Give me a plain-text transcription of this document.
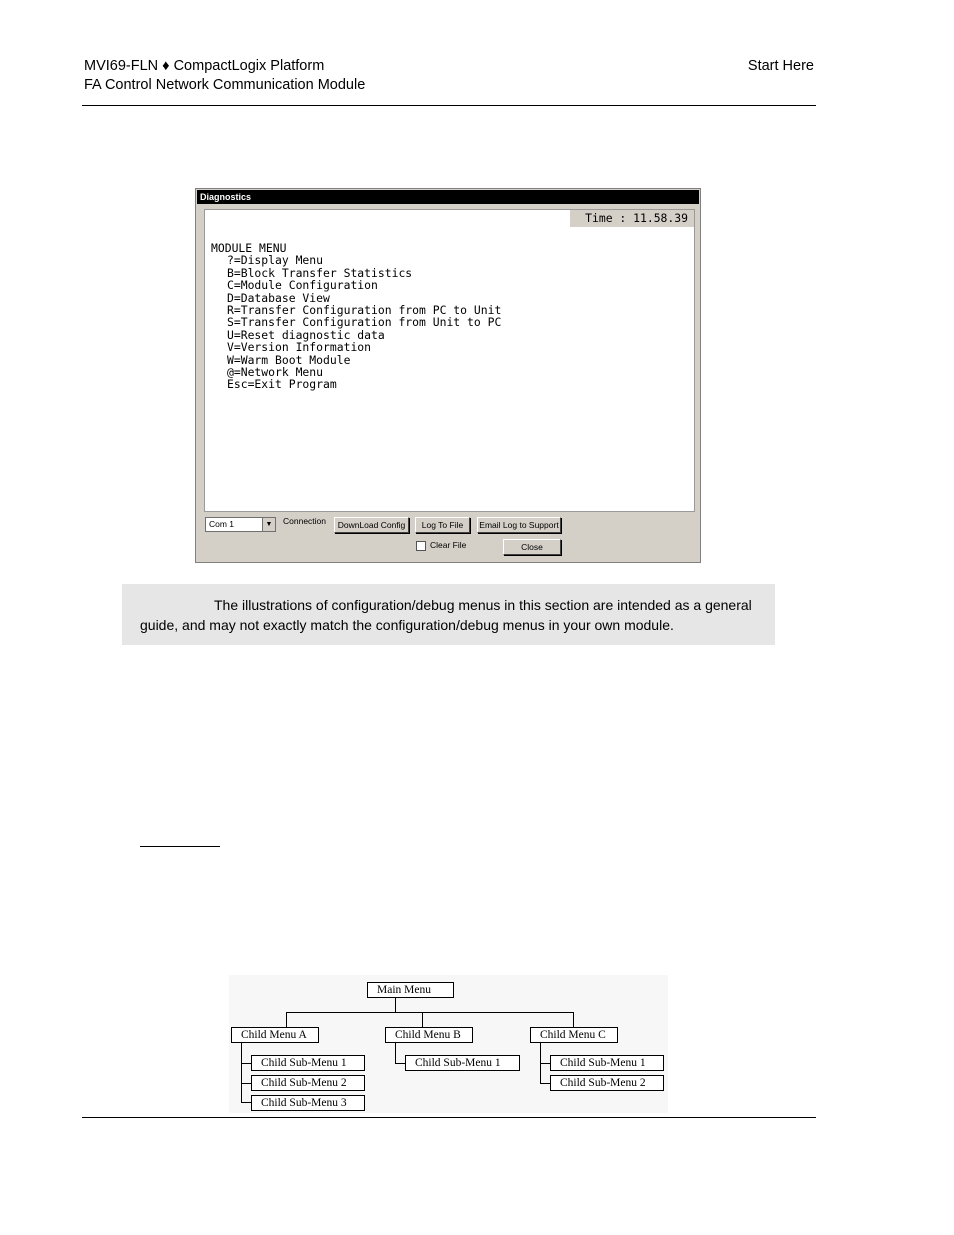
MVI69-FLN ♦ CompactLogix Platform
FA Control Network Communication Module
Start Here
Diagnostics
Time : 11.58.39
MODULE MENU
?=Display Menu
B=Block Transfer Statistics
C=Module Configuration
D=Database View
R=Transfer Configuration from PC to Unit
S=Transfer Configuration from Unit to PC
U=Reset diagnostic data
V=Version Information
W=Warm Boot Module
@=Network Menu
Esc=Exit Program
Com 1	▼ Connection	DownLoad Config	Log To File	Email Log to Support
Clear File	Close

The illustrations of configuration/debug menus in this section are intended as a general guide, and may not exactly match the configuration/debug menus in your own module.

Main Menu
Child Menu A	Child Menu B	Child Menu C
Child Sub-Menu 1
Child Sub-Menu 2
Child Sub-Menu 3
Child Sub-Menu 1	Child Sub-Menu 1
Child Sub-Menu 2
